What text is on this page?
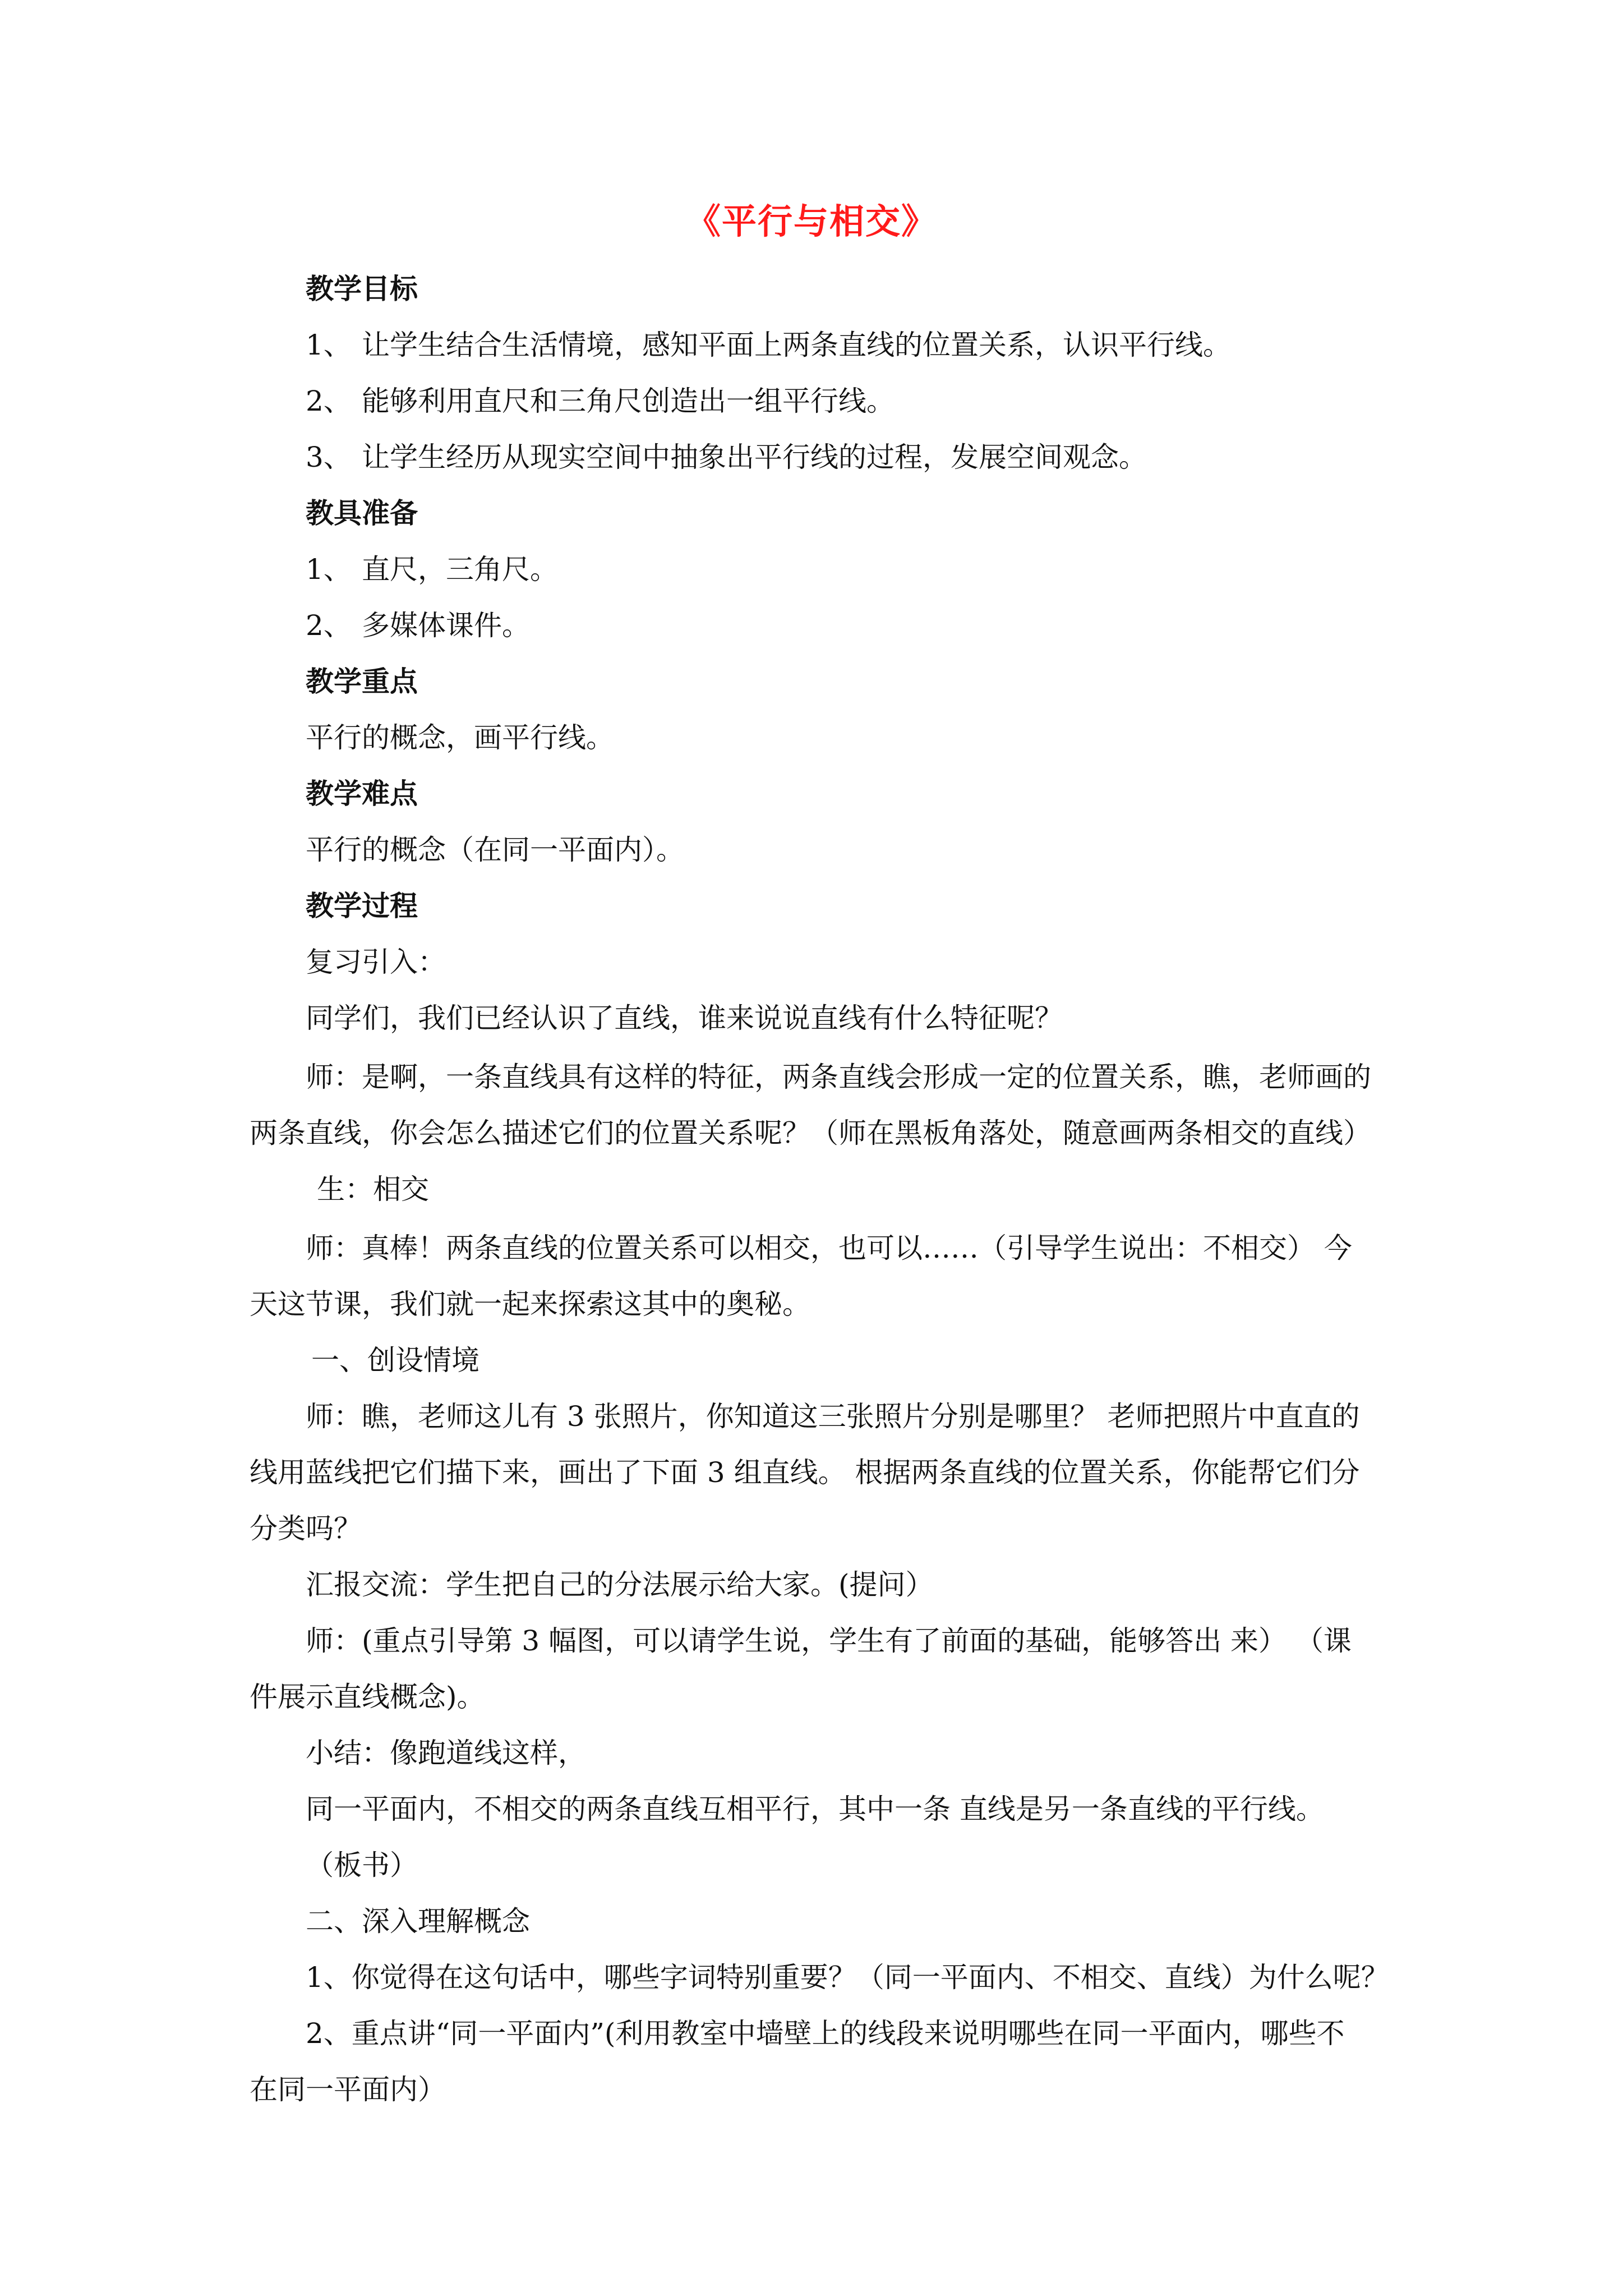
《平行与相交》
教学目标
1、 让学生结合生活情境，感知平面上两条直线的位置关系，认识平行线。
2、 能够利用直尺和三角尺创造出一组平行线。
3、 让学生经历从现实空间中抽象出平行线的过程，发展空间观念。
教具准备
1、 直尺，三角尺。
2、 多媒体课件。
教学重点
平行的概念，画平行线。
教学难点
平行的概念（在同一平面内）。
教学过程
复习引入：
同学们，我们已经认识了直线，谁来说说直线有什么特征呢？
师：是啊，一条直线具有这样的特征，两条直线会形成一定的位置关系，瞧，老师画的
两条直线，你会怎么描述它们的位置关系呢？（师在黑板角落处，随意画两条相交的直线）
生：相交
师：真棒！两条直线的位置关系可以相交，也可以……（引导学生说出：不相交） 今
天这节课，我们就一起来探索这其中的奥秘。
一、创设情境
师：瞧，老师这儿有 3 张照片，你知道这三张照片分别是哪里？ 老师把照片中直直的
线用蓝线把它们描下来，画出了下面 3 组直线。 根据两条直线的位置关系，你能帮它们分
分类吗？
汇报交流：学生把自己的分法展示给大家。(提问）
师：(重点引导第 3 幅图，可以请学生说，学生有了前面的基础，能够答出 来） （课
件展示直线概念)。
小结：像跑道线这样，
同一平面内，不相交的两条直线互相平行，其中一条 直线是另一条直线的平行线。
（板书）
二、深入理解概念
1、你觉得在这句话中，哪些字词特别重要？（同一平面内、不相交、直线）为什么呢？
2、重点讲“同一平面内”(利用教室中墙壁上的线段来说明哪些在同一平面内，哪些不
在同一平面内）
